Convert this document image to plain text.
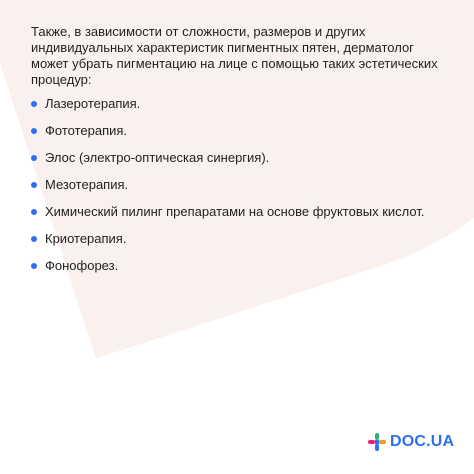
Также, в зависимости от сложности, размеров и других индивидуальных характеристик пигментных пятен, дерматолог может убрать пигментацию на лице с помощью таких эстетических процедур:

Лазеротерапия.
Фототерапия.
Элос (электро-оптическая синергия).
Мезотерапия.
Химический пилинг препаратами на основе фруктовых кислот.
Криотерапия.
Фонофорез.
DOC.UA
